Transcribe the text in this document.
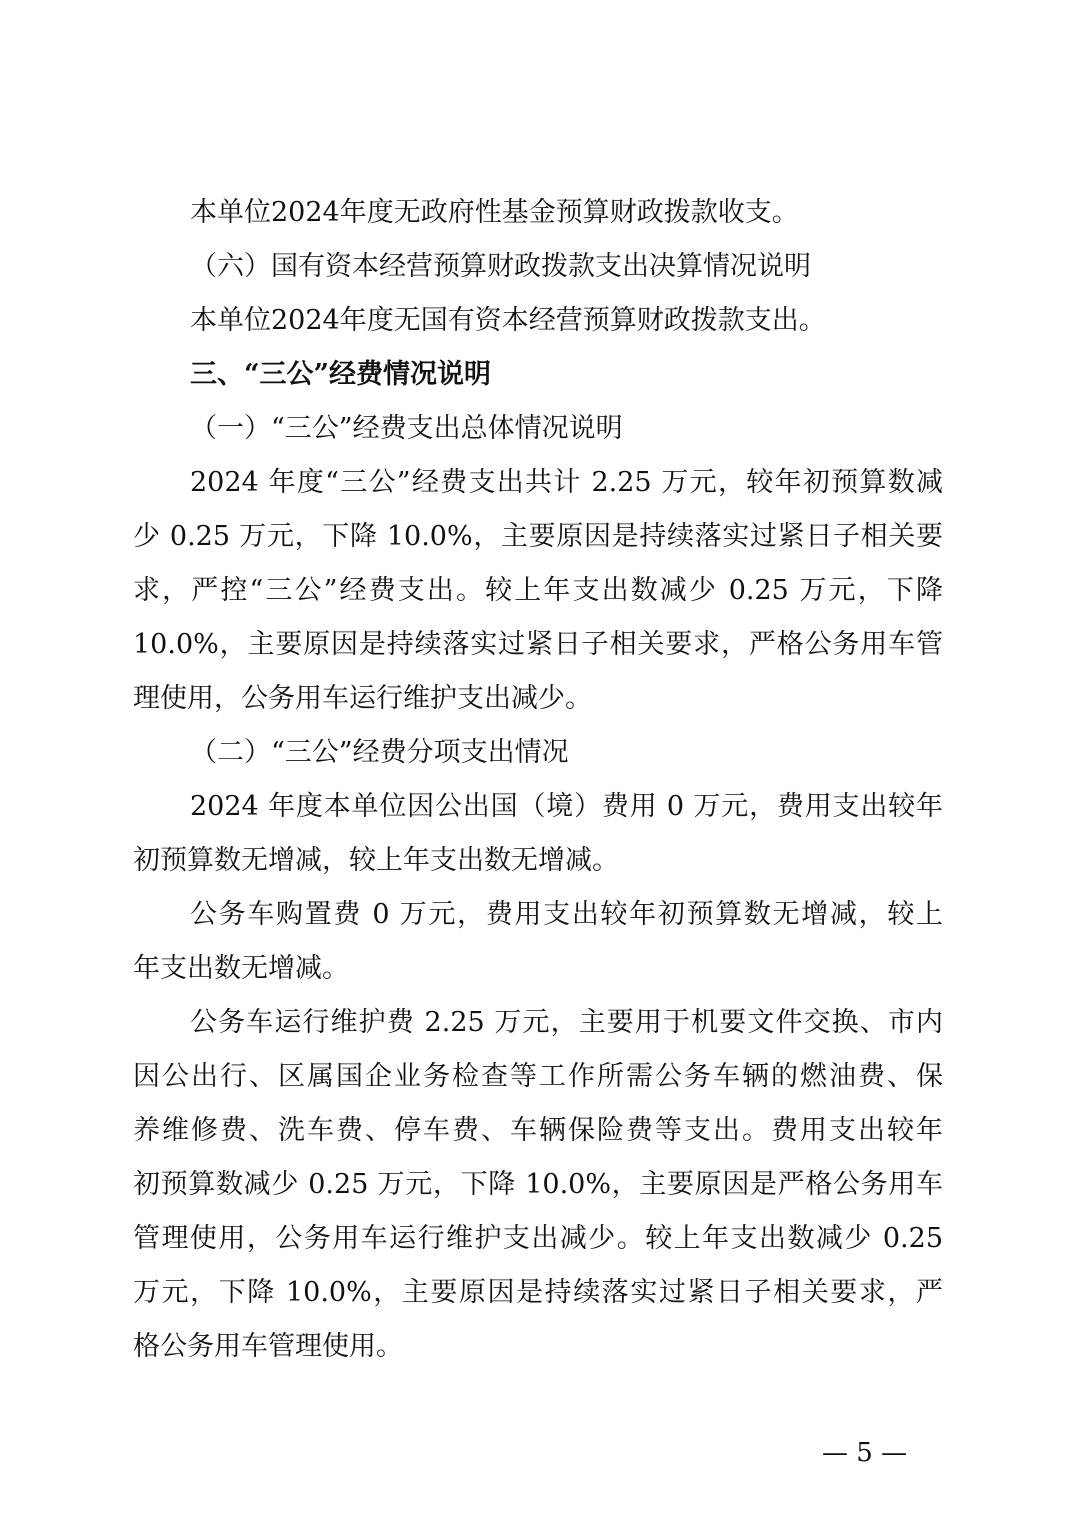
本单位2024年度无政府性基金预算财政拨款收支。
（六）国有资本经营预算财政拨款支出决算情况说明
本单位2024年度无国有资本经营预算财政拨款支出。
三、“三公”经费情况说明
（一）“三公”经费支出总体情况说明
2024 年度“三公”经费支出共计 2.25 万元，较年初预算数减
少 0.25 万元，下降 10.0%，主要原因是持续落实过紧日子相关要
求，严控“三公”经费支出。较上年支出数减少 0.25 万元，下降
10.0%，主要原因是持续落实过紧日子相关要求，严格公务用车管
理使用，公务用车运行维护支出减少。
（二）“三公”经费分项支出情况
2024 年度本单位因公出国（境）费用 0 万元，费用支出较年
初预算数无增减，较上年支出数无增减。
公务车购置费 0 万元，费用支出较年初预算数无增减，较上
年支出数无增减。
公务车运行维护费 2.25 万元，主要用于机要文件交换、市内
因公出行、区属国企业务检查等工作所需公务车辆的燃油费、保
养维修费、洗车费、停车费、车辆保险费等支出。费用支出较年
初预算数减少 0.25 万元，下降 10.0%，主要原因是严格公务用车
管理使用，公务用车运行维护支出减少。较上年支出数减少 0.25
万元，下降 10.0%，主要原因是持续落实过紧日子相关要求，严
格公务用车管理使用。
— 5 —
